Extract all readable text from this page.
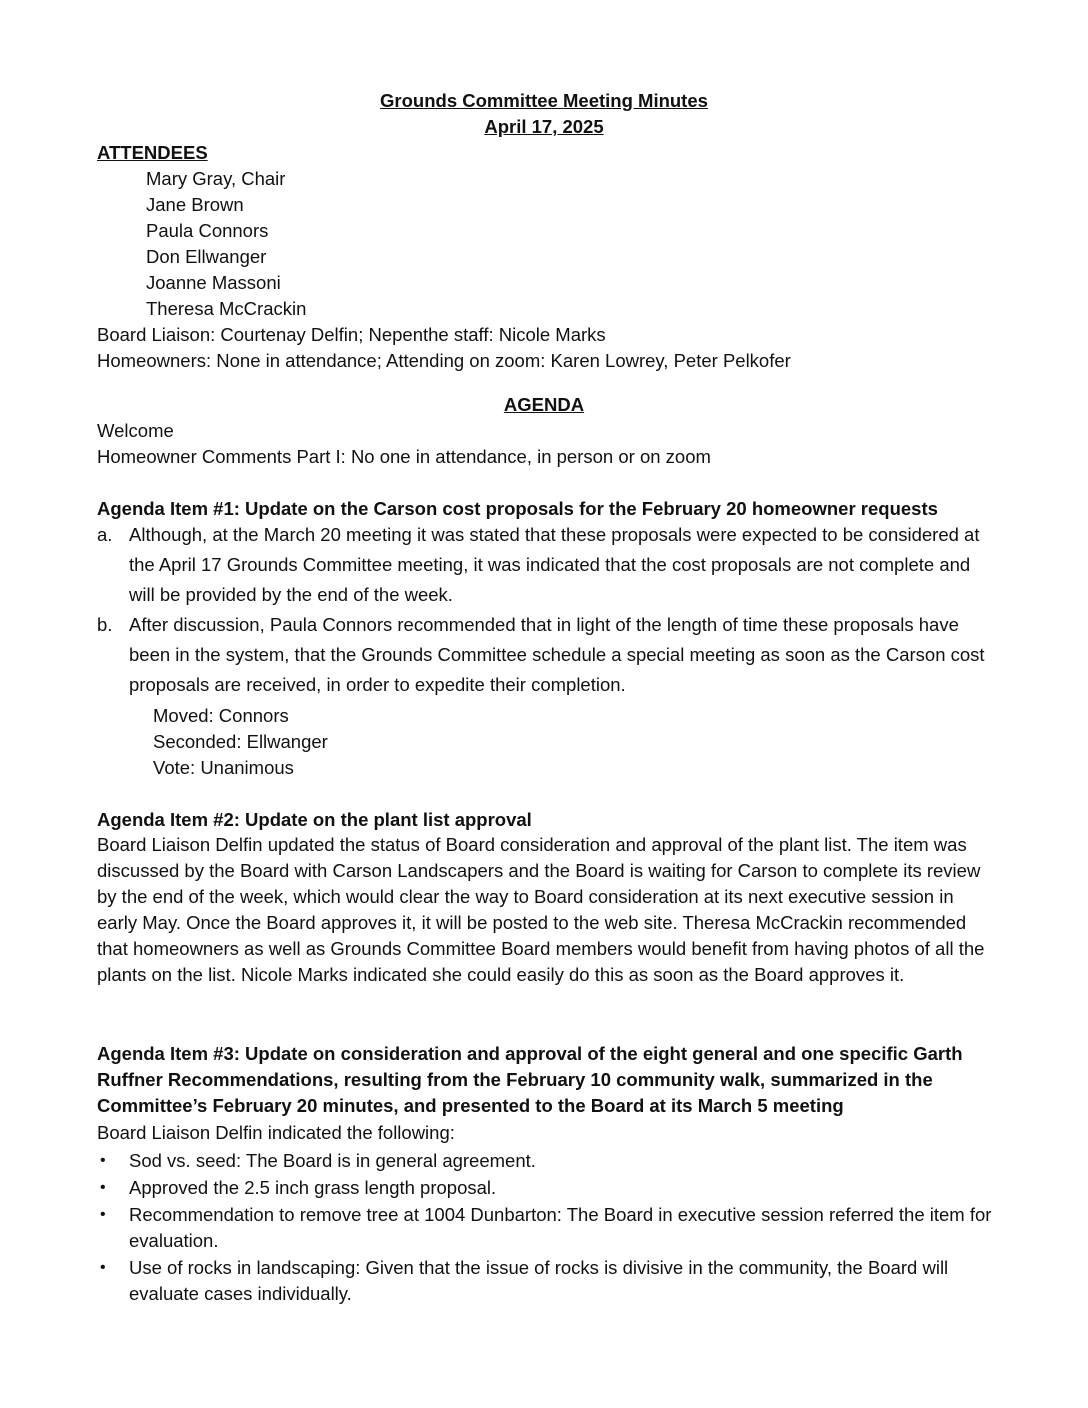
Grounds Committee Meeting Minutes
April 17, 2025
ATTENDEES
Mary Gray, Chair
Jane Brown
Paula Connors
Don Ellwanger
Joanne Massoni
Theresa McCrackin
Board Liaison: Courtenay Delfin; Nepenthe staff: Nicole Marks
Homeowners: None in attendance; Attending on zoom: Karen Lowrey, Peter Pelkofer
AGENDA
Welcome
Homeowner Comments Part I: No one in attendance, in person or on zoom
Agenda Item #1: Update on the Carson cost proposals for the February 20 homeowner requests
a. Although, at the March 20 meeting it was stated that these proposals were expected to be considered at the April 17 Grounds Committee meeting, it was indicated that the cost proposals are not complete and will be provided by the end of the week.
b. After discussion, Paula Connors recommended that in light of the length of time these proposals have been in the system, that the Grounds Committee schedule a special meeting as soon as the Carson cost proposals are received, in order to expedite their completion.
Moved: Connors
Seconded: Ellwanger
Vote: Unanimous
Agenda Item #2: Update on the plant list approval
Board Liaison Delfin updated the status of Board consideration and approval of the plant list. The item was discussed by the Board with Carson Landscapers and the Board is waiting for Carson to complete its review by the end of the week, which would clear the way to Board consideration at its next executive session in early May. Once the Board approves it, it will be posted to the web site. Theresa McCrackin recommended that homeowners as well as Grounds Committee Board members would benefit from having photos of all the plants on the list. Nicole Marks indicated she could easily do this as soon as the Board approves it.
Agenda Item #3: Update on consideration and approval of the eight general and one specific Garth Ruffner Recommendations, resulting from the February 10 community walk, summarized in the Committee’s February 20 minutes, and presented to the Board at its March 5 meeting
Board Liaison Delfin indicated the following:
• Sod vs. seed: The Board is in general agreement.
• Approved the 2.5 inch grass length proposal.
• Recommendation to remove tree at 1004 Dunbarton: The Board in executive session referred the item for evaluation.
• Use of rocks in landscaping: Given that the issue of rocks is divisive in the community, the Board will evaluate cases individually.
